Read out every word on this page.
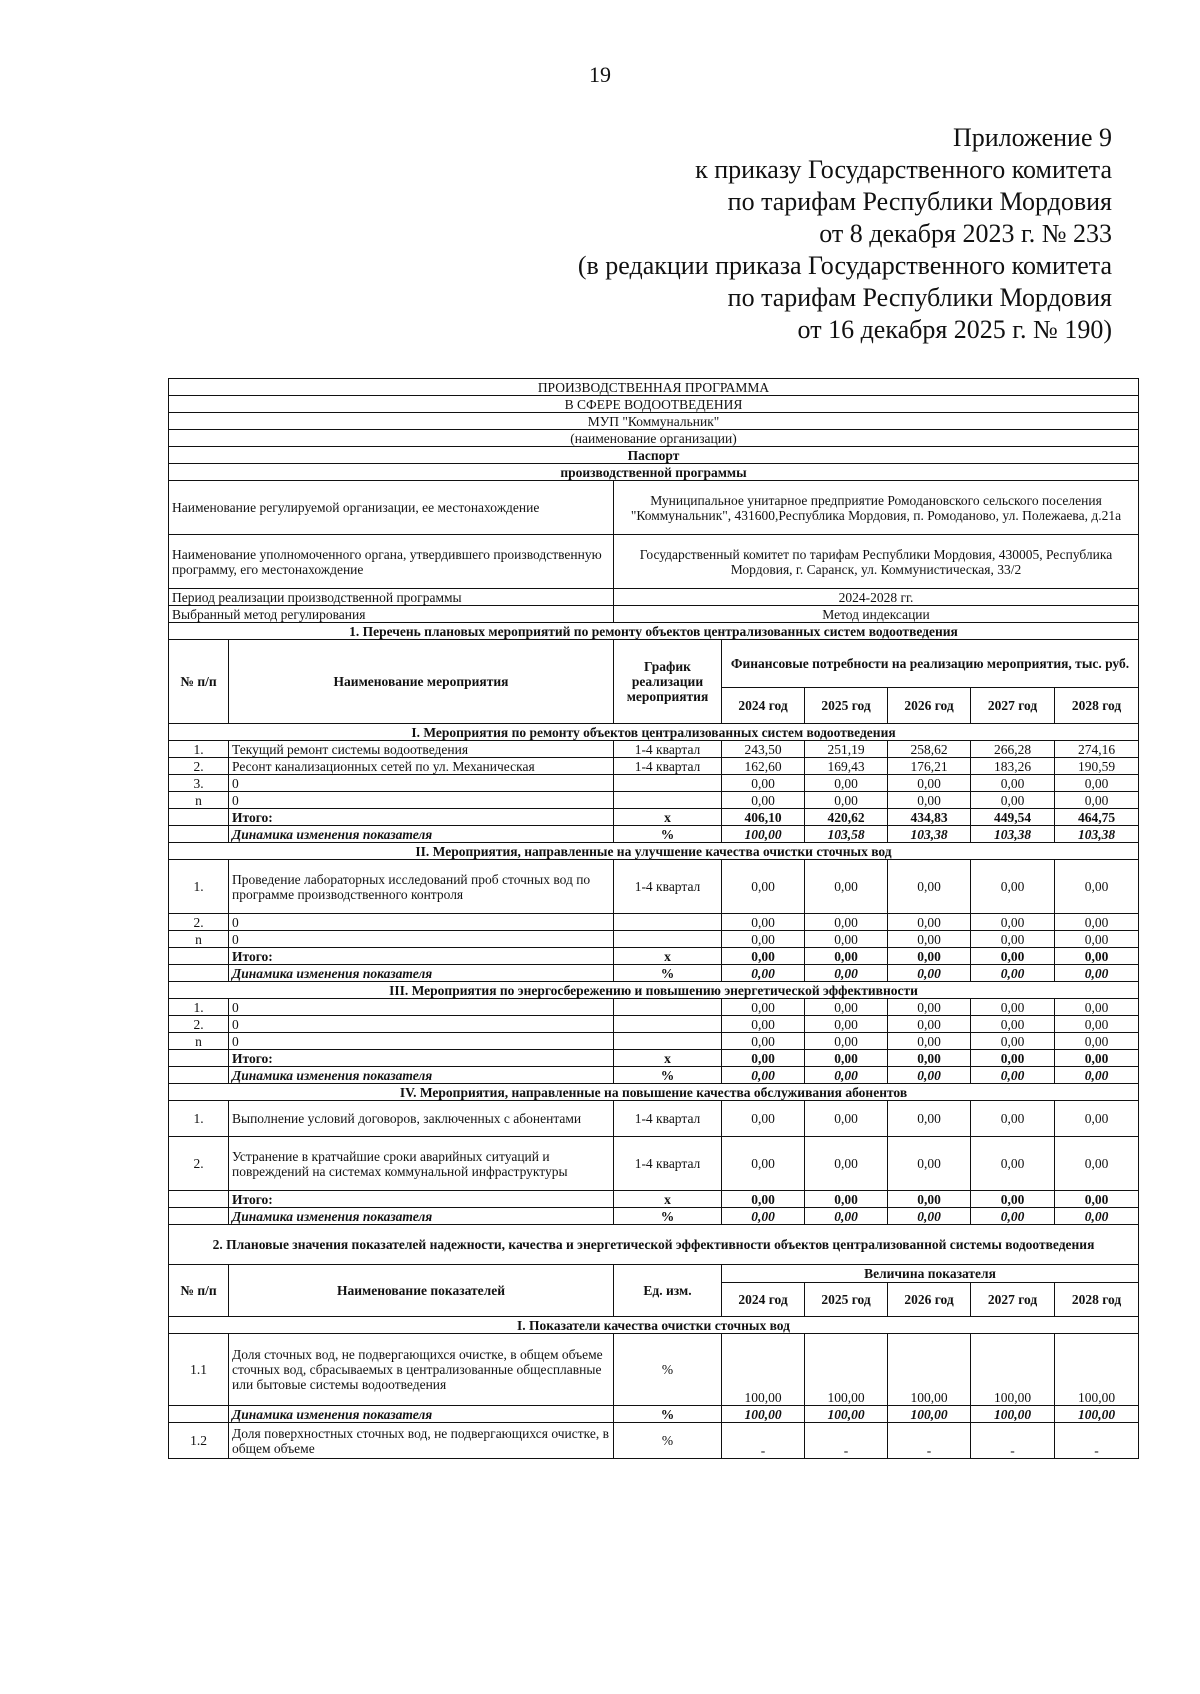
19
Приложение 9
к приказу Государственного комитета
по тарифам Республики Мордовия
от 8 декабря 2023 г. № 233
(в редакции приказа Государственного комитета
по тарифам Республики Мордовия
от 16 декабря 2025 г. № 190)
ПРОИЗВОДСТВЕННАЯ ПРОГРАММА							
В СФЕРЕ ВОДООТВЕДЕНИЯ							
МУП "Коммунальник"							
(наименование организации)							
Паспорт							
производственной программы							
Наименование регулируемой организации, ее местонахождение		Муниципальное унитарное предприятие Ромодановского сельского поселения "Коммунальник", 431600,Республика Мордовия, п. Ромоданово, ул. Полежаева, д.21а					
Наименование уполномоченного органа, утвердившего производственную программу, его местонахождение		Государственный комитет по тарифам Республики Мордовия, 430005, Республика Мордовия, г. Саранск, ул. Коммунистическая, 33/2					
Период реализации производственной программы		2024-2028 гг.					
Выбранный метод регулирования		Метод индексации					
1. Перечень плановых мероприятий по ремонту объектов централизованных систем водоотведения							
№ п/п	Наименование мероприятия	График реализации мероприятия	Финансовые потребности на реализацию мероприятия, тыс. руб.				
			2024 год	2025 год	2026 год	2027 год	2028 год
I. Мероприятия по ремонту объектов централизованных систем водоотведения							
1.	Текущий ремонт системы водоотведения	1-4 квартал	243,50	251,19	258,62	266,28	274,16
2.	Ресонт канализационных сетей по ул. Механическая	1-4 квартал	162,60	169,43	176,21	183,26	190,59
3.	0		0,00	0,00	0,00	0,00	0,00
n	0		0,00	0,00	0,00	0,00	0,00
	Итого:	x	406,10	420,62	434,83	449,54	464,75
	Динамика изменения показателя	%	100,00	103,58	103,38	103,38	103,38
II. Мероприятия, направленные на улучшение качества очистки сточных вод							
1.	Проведение лабораторных исследований проб сточных вод по программе производственного контроля	1-4 квартал	0,00	0,00	0,00	0,00	0,00
2.	0		0,00	0,00	0,00	0,00	0,00
n	0		0,00	0,00	0,00	0,00	0,00
	Итого:	x	0,00	0,00	0,00	0,00	0,00
	Динамика изменения показателя	%	0,00	0,00	0,00	0,00	0,00
III. Мероприятия по энергосбережению и повышению энергетической эффективности							
1.	0		0,00	0,00	0,00	0,00	0,00
2.	0		0,00	0,00	0,00	0,00	0,00
n	0		0,00	0,00	0,00	0,00	0,00
	Итого:	x	0,00	0,00	0,00	0,00	0,00
	Динамика изменения показателя	%	0,00	0,00	0,00	0,00	0,00
IV. Мероприятия, направленные на повышение качества обслуживания абонентов							
1.	Выполнение условий договоров, заключенных с абонентами	1-4 квартал	0,00	0,00	0,00	0,00	0,00
2.	Устранение в кратчайшие сроки аварийных ситуаций и повреждений на системах коммунальной инфраструктуры	1-4 квартал	0,00	0,00	0,00	0,00	0,00
	Итого:	x	0,00	0,00	0,00	0,00	0,00
	Динамика изменения показателя	%	0,00	0,00	0,00	0,00	0,00
2. Плановые значения показателей надежности, качества и энергетической эффективности объектов централизованной системы водоотведения							
№ п/п	Наименование показателей	Ед. изм.	Величина показателя				
			2024 год	2025 год	2026 год	2027 год	2028 год
I. Показатели качества очистки сточных вод							
1.1	Доля сточных вод, не подвергающихся очистке, в общем объеме сточных вод, сбрасываемых в централизованные общесплавные или бытовые системы водоотведения	%	100,00	100,00	100,00	100,00	100,00
	Динамика изменения показателя	%	100,00	100,00	100,00	100,00	100,00
1.2	Доля поверхностных сточных вод, не подвергающихся очистке, в общем объеме	%	-	-	-	-	-
